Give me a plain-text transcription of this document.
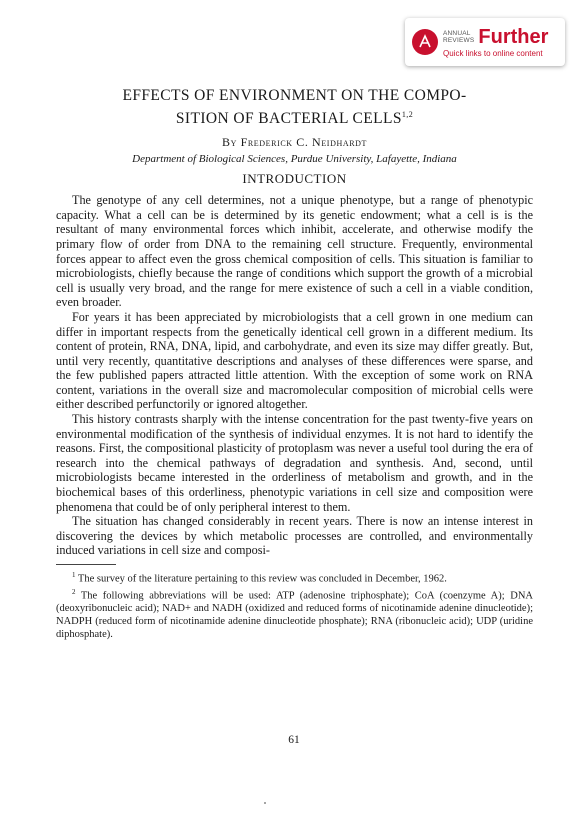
ANNUAL
REVIEWS Further
Quick links to online content
EFFECTS OF ENVIRONMENT ON THE COMPO-
SITION OF BACTERIAL CELLS$^{1,2}$
By Frederick C. Neidhardt
Department of Biological Sciences, Purdue University, Lafayette, Indiana
INTRODUCTION

The genotype of any cell determines, not a unique phenotype, but a range of phenotypic capacity. What a cell can be is determined by its genetic endowment; what a cell is is the resultant of many environmental forces which inhibit, accelerate, and otherwise modify the primary flow of order from DNA to the remaining cell structure. Frequently, environmental forces appear to affect even the gross chemical composition of cells. This situation is familiar to microbiologists, chiefly because the range of conditions which support the growth of a microbial cell is usually very broad, and the range for mere existence of such a cell in a viable condition, even broader.

For years it has been appreciated by microbiologists that a cell grown in one medium can differ in important respects from the genetically identical cell grown in a different medium. Its content of protein, RNA, DNA, lipid, and carbohydrate, and even its size may differ greatly. But, until very recently, quantitative descriptions and analyses of these differences were sparse, and the few published papers attracted little attention. With the exception of some work on RNA content, variations in the overall size and macromolecular composition of microbial cells were either described perfunctorily or ignored altogether.

This history contrasts sharply with the intense concentration for the past twenty-five years on environmental modification of the synthesis of individual enzymes. It is not hard to identify the reasons. First, the compositional plasticity of protoplasm was never a useful tool during the era of research into the chemical pathways of degradation and synthesis. And, second, until microbiologists became interested in the orderliness of metabolism and growth, and in the biochemical bases of this orderliness, phenotypic variations in cell size and composition were phenomena that could be of only peripheral interest to them.

The situation has changed considerably in recent years. There is now an intense interest in discovering the devices by which metabolic processes are controlled, and environmentally induced variations in cell size and composi-

$^1$ The survey of the literature pertaining to this review was concluded in December, 1962.

$^2$ The following abbreviations will be used: ATP (adenosine triphosphate); CoA (coenzyme A); DNA (deoxyribonucleic acid); NAD+ and NADH (oxidized and reduced forms of nicotinamide adenine dinucleotide); NADPH (reduced form of nicotinamide adenine dinucleotide phosphate); RNA (ribonucleic acid); UDP (uridine diphosphate).

61
